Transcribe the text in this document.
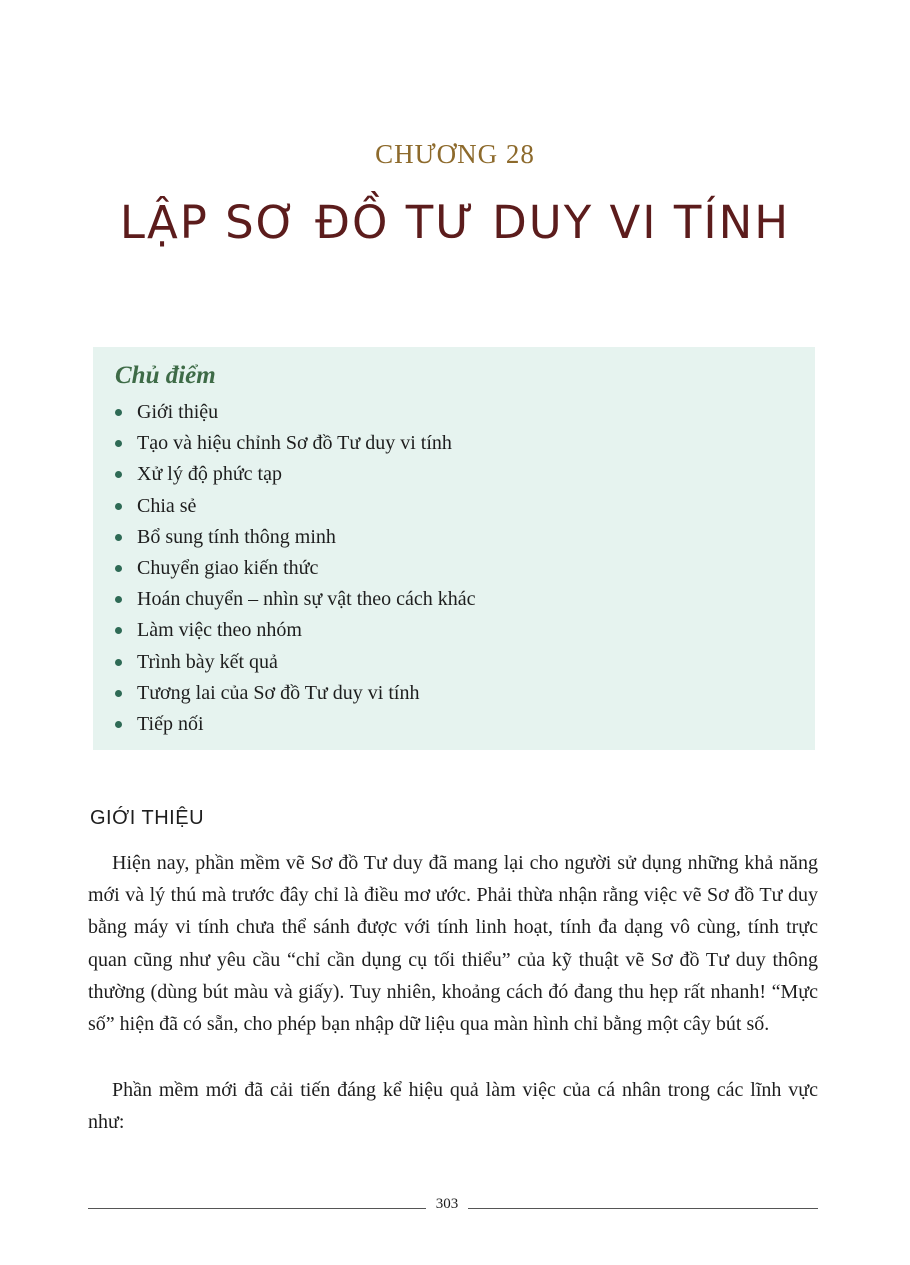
CHƯƠNG 28
LẬP SƠ ĐỒ TƯ DUY VI TÍNH
Chủ điểm
Giới thiệu
Tạo và hiệu chỉnh Sơ đồ Tư duy vi tính
Xử lý độ phức tạp
Chia sẻ
Bổ sung tính thông minh
Chuyển giao kiến thức
Hoán chuyển – nhìn sự vật theo cách khác
Làm việc theo nhóm
Trình bày kết quả
Tương lai của Sơ đồ Tư duy vi tính
Tiếp nối
GIỚI THIỆU

Hiện nay, phần mềm vẽ Sơ đồ Tư duy đã mang lại cho người sử dụng những khả năng mới và lý thú mà trước đây chỉ là điều mơ ước. Phải thừa nhận rằng việc vẽ Sơ đồ Tư duy bằng máy vi tính chưa thể sánh được với tính linh hoạt, tính đa dạng vô cùng, tính trực quan cũng như yêu cầu “chỉ cần dụng cụ tối thiểu” của kỹ thuật vẽ Sơ đồ Tư duy thông thường (dùng bút màu và giấy). Tuy nhiên, khoảng cách đó đang thu hẹp rất nhanh! “Mực số” hiện đã có sẵn, cho phép bạn nhập dữ liệu qua màn hình chỉ bằng một cây bút số.

Phần mềm mới đã cải tiến đáng kể hiệu quả làm việc của cá nhân trong các lĩnh vực như:

303
